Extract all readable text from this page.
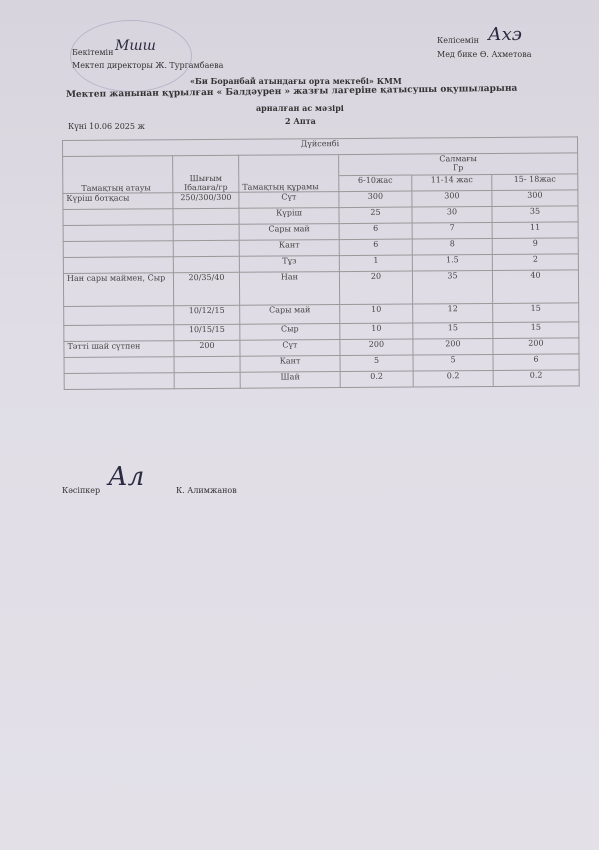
Бекітемін Мшш
Мектеп директоры Ж. Тургамбаева
Келісемін Ахэ
Мед бике Ө. Ахметова
«Би Боранбай атындағы орта мектебі» КММ
Мектеп жанынан құрылған « Балдәурен » жазғы лагеріне қатысушы оқушыларына
арналған ас мәзірі
2 Апта
Күні 10.06 2025 ж
Дүйсенбі					
Тамақтың атауы	Шығым Ібалаға/гр	Тамақтың құрамы	Салмағы
Гр		

			6-10жас	11-14 жас	15- 18жас
Күріш ботқасы	250/300/300	Сүт	300	300	300
		Күріш	25	30	35
		Сары май	6	7	11
		Кант	6	8	9
		Тұз	1	1.5	2
Нан сары маймен, Сыр	20/35/40	Нан	20	35	40
	10/12/15	Сары май	10	12	15
	10/15/15	Сыр	10	15	15
Тәтті шай сүтпен	200	Сүт	200	200	200
		Кант	5	5	6
		Шай	0.2	0.2	0.2
Кәсіпкер Ал	К. Алимжанов
